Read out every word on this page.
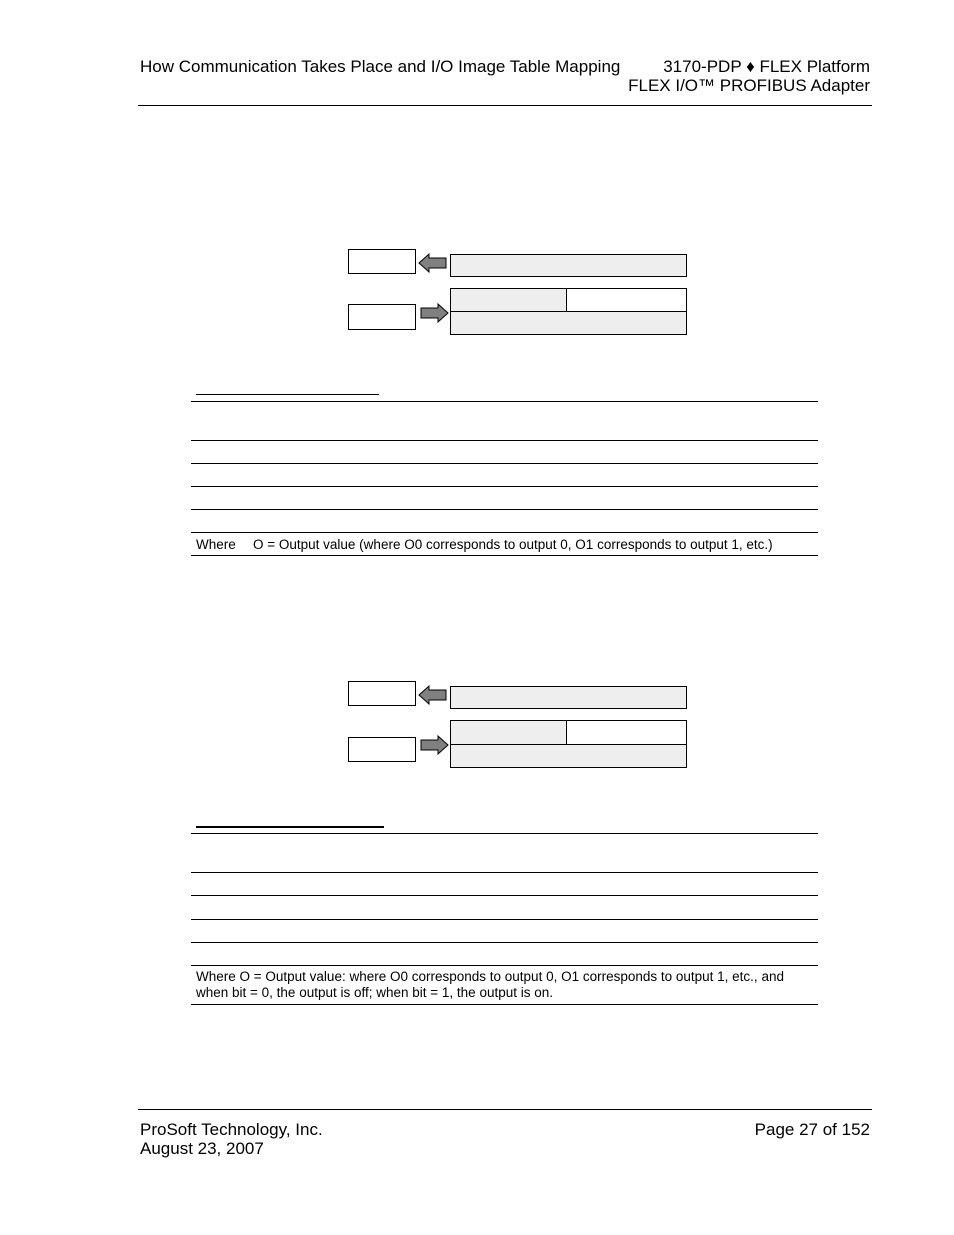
How Communication Takes Place and I/O Image Table Mapping	3170-PDP ♦ FLEX Platform
FLEX I/O™ PROFIBUS Adapter
Where O = Output value (where O0 corresponds to output 0, O1 corresponds to output 1, etc.)
Where O = Output value: where O0 corresponds to output 0, O1 corresponds to output 1, etc., and
when bit = 0, the output is off; when bit = 1, the output is on.
ProSoft Technology, Inc.
August 23, 2007
Page 27 of 152
